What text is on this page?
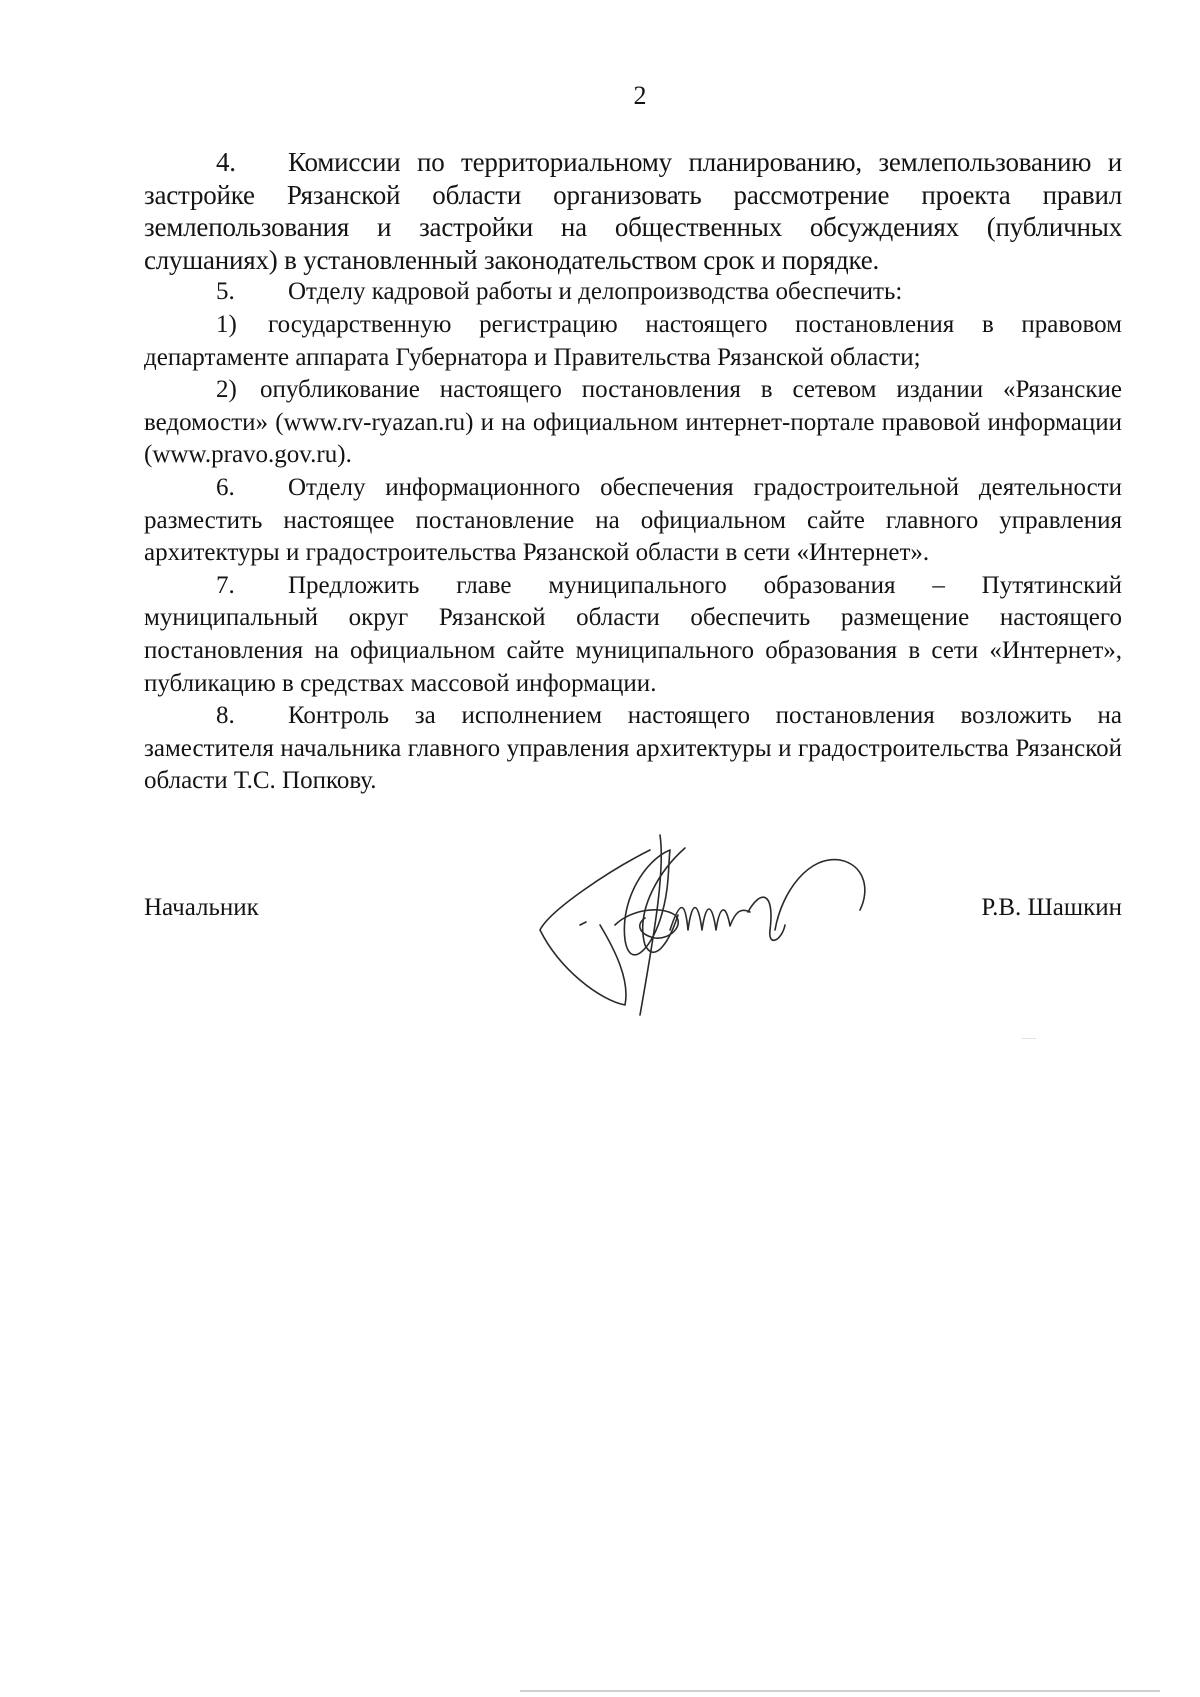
2

4. Комиссии по территориальному планированию, землепользованию и застройке Рязанской области организовать рассмотрение проекта правил землепользования и застройки на общественных обсуждениях (публичных слушаниях) в установленный законодательством срок и порядке.

5. Отделу кадровой работы и делопроизводства обеспечить:

1) государственную регистрацию настоящего постановления в правовом департаменте аппарата Губернатора и Правительства Рязанской области;

2) опубликование настоящего постановления в сетевом издании «Рязанские ведомости» (www.rv-ryazan.ru) и на официальном интернет-портале правовой информации (www.pravo.gov.ru).

6. Отделу информационного обеспечения градостроительной деятельности разместить настоящее постановление на официальном сайте главного управления архитектуры и градостроительства Рязанской области в сети «Интернет».

7. Предложить главе муниципального образования – Путятинский муниципальный округ Рязанской области обеспечить размещение настоящего постановления на официальном сайте муниципального образования в сети «Интернет», публикацию в средствах массовой информации.

8. Контроль за исполнением настоящего постановления возложить на заместителя начальника главного управления архитектуры и градостроительства Рязанской области Т.С. Попкову.

Начальник	Р.В. Шашкин
